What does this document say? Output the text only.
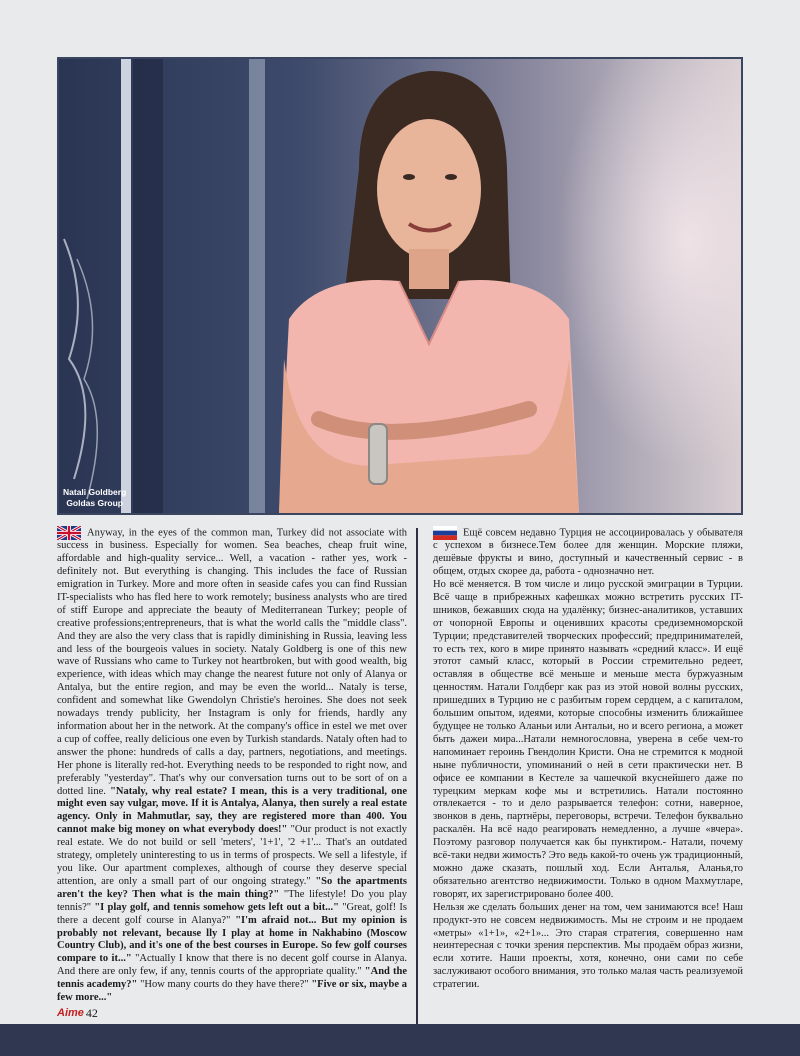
Natali Goldberg
Goldas Group

Anyway, in the eyes of the common man, Turkey did not associate with success in business. Especially for women. Sea beaches, cheap fruit wine, affordable and high-quality service... Well, a vacation - rather yes, work - definitely not. But everything is changing. This includes the face of Russian emigration in Turkey. More and more often in seaside cafes you can find Russian IT-specialists who has fled here to work remotely; business analysts who are tired of stiff Europe and appreciate the beauty of Mediterranean Turkey; people of creative professions;entrepreneurs, that is what the world calls the "middle class". And they are also the very class that is rapidly diminishing in Russia, leaving less and less of the bourgeois values in society. Nataly Goldberg is one of this new wave of Russians who came to Turkey not heartbroken, but with good wealth, big experience, with ideas which may change the nearest future not only of Alanya or Antalya, but the entire region, and may be even the world... Nataly is terse, confident and somewhat like Gwendolyn Christie's heroines. She does not seek nowadays trendy publicity, her Instagram is only for friends, hardly any information about her in the network. At the company's office in estel we met over a cup of coffee, really delicious one even by Turkish standards. Nataly often had to answer the phone: hundreds of calls a day, partners, negotiations, and meetings. Her phone is literally red-hot. Everything needs to be responded to right now, and preferably "yesterday". That's why our conversation turns out to be sort of on a dotted line. "Nataly, why real estate? I mean, this is a very traditional, one might even say vulgar, move. If it is Antalya, Alanya, then surely a real estate agency. Only in Mahmutlar, say, they are registered more than 400. You cannot make big money on what everybody does!" "Our product is not exactly real estate. We do not build or sell 'meters', '1+1', '2 +1'... That's an outdated strategy, ompletely uninteresting to us in terms of prospects. We sell a lifestyle, if you like. Our apartment complexes, although of course they deserve special attention, are only a small part of our ongoing strategy." "So the apartments aren't the key? Then what is the main thing?" "The lifestyle! Do you play tennis?" "I play golf, and tennis somehow gets left out a bit..." "Great, golf! Is there a decent golf course in Alanya?" "I'm afraid not... But my opinion is probably not relevant, because lly I play at home in Nakhabino (Moscow Country Club), and it's one of the best courses in Europe. So few golf courses compare to it..." "Actually I know that there is no decent golf course in Alanya. And there are only few, if any, tennis courts of the appropriate quality." "And the tennis academy?" "How many courts do they have there?" "Five or six, maybe a few more..."

Ещё совсем недавно Турция не ассоциировалась у обывателя с успехом в бизнесе.Тем более для женщин. Морские пляжи, дешёвые фрукты и вино, доступный и качественный сервис - в общем, отдых скорее да, работа - однозначно нет.

Но всё меняется. В том числе и лицо русской эмиграции в Турции. Всё чаще в прибрежных кафешках можно встретить русских IT-шников, бежавших сюда на удалёнку; бизнес-аналитиков, уставших от чопорной Европы и оценивших красоты средиземноморской Турции; представителей творческих профессий; предпринимателей, то есть тех, кого в мире принято называть «средний класс». И ещё этотот самый класс, который в России стремительно редеет, оставляя в обществе всё меньше и меньше места буржуазным ценностям. Натали Голдберг как раз из этой новой волны русских, пришедших в Турцию не с разбитым горем сердцем, а с капиталом, большим опытом, идеями, которые способны изменить ближайшее будущее не только Аланьи или Антальи, но и всего региона, а может быть дажеи мира...Натали немногословна, уверена в себе чем-то напоминает героинь Гвендолин Кристи. Она не стремится к модной ныне публичности, упоминаний о ней в сети практически нет. В офисе ее компании в Кестеле за чашечкой вкуснейшего даже по турецким меркам кофе мы и встретились. Натали постоянно отвлекается - то и дело разрывается телефон: сотни, наверное, звонков в день, партнёры, переговоры, встречи. Телефон буквально раскалён. На всё надо реагировать немедленно, а лучше «вчера». Поэтому разговор получается как бы пунктиром.- Натали, почему всё-таки недви жимость? Это ведь какой-то очень уж традиционный, можно даже сказать, пошлый ход. Если Анталья, Аланья,то обязательно агентство недвижимости. Только в одном Махмутларе, говорят, их зарегистрировано более 400.

Нельзя же сделать больших денег на том, чем занимаются все! Наш продукт-это не совсем недвижимость. Мы не строим и не продаем «метры» «1+1», «2+1»... Это старая стратегия, совершенно нам неинтересная с точки зрения перспектив. Мы продаём образ жизни, если хотите. Наши проекты, хотя, конечно, они сами по себе заслуживают особого внимания, это только малая часть реализуемой стратегии.

Aime 42
